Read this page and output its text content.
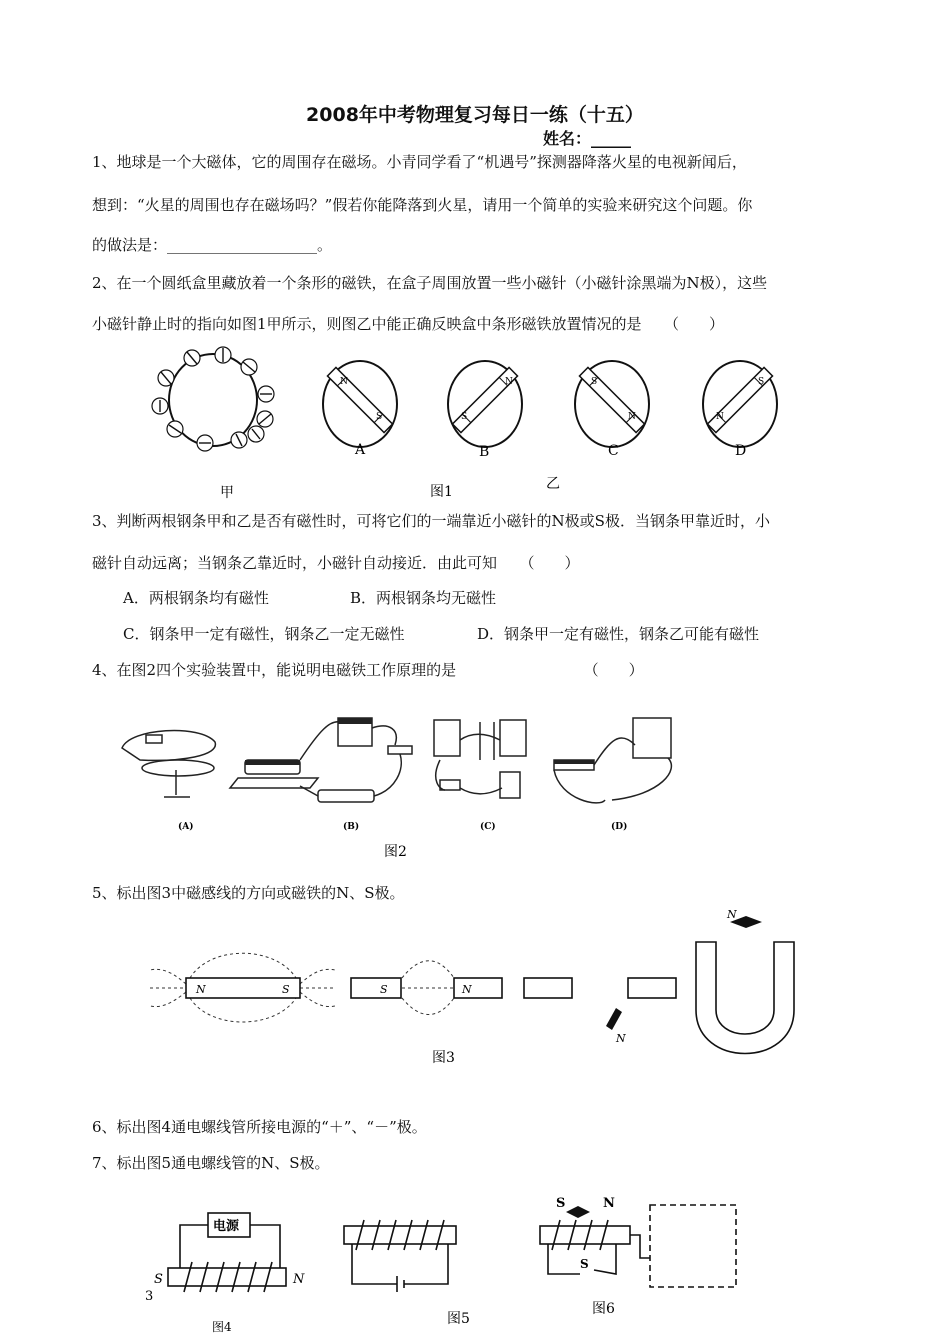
2008年中考物理复习每日一练（十五）
姓名：_____
1、地球是一个大磁体，它的周围存在磁场。小青同学看了“机遇号”探测器降落火星的电视新闻后，
想到：“火星的周围也存在磁场吗？”假若你能降落到火星，请用一个简单的实验来研究这个问题。你
的做法是：____________________。
2、在一个圆纸盒里藏放着一个条形的磁铁，在盒子周围放置一些小磁针（小磁针涂黑端为N极），这些
小磁针静止时的指向如图1甲所示，则图乙中能正确反映盒中条形磁铁放置情况的是　　（　　）
N
S
N
S
S
N
S
N
A	B	C	D
甲	图1	乙
3、判断两根钢条甲和乙是否有磁性时，可将它们的一端靠近小磁针的N极或S极．当钢条甲靠近时，小
磁针自动远离；当钢条乙靠近时，小磁针自动接近．由此可知　　（　　）
A．两根钢条均有磁性	B．两根钢条均无磁性
C．钢条甲一定有磁性，钢条乙一定无磁性	D．钢条甲一定有磁性，钢条乙可能有磁性
4、在图2四个实验装置中，能说明电磁铁工作原理的是　　　　　　　　　（　　）
(A)	(B)	(C)	(D)
图2
5、标出图3中磁感线的方向或磁铁的N、S极。
N	S	S	N
N
N
图3
6、标出图4通电螺线管所接电源的“＋”、“－”极。
7、标出图5通电螺线管的N、S极。
电源
S	N
3
图4	图5
S	N
S
图6
